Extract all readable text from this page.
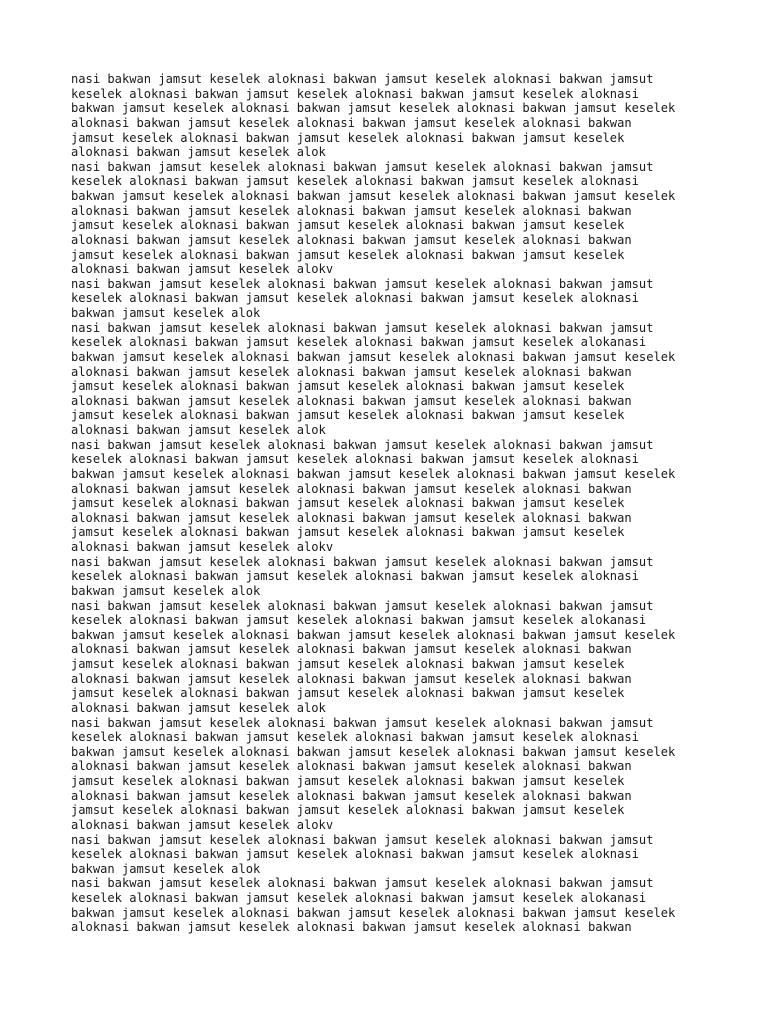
nasi bakwan jamsut keselek aloknasi bakwan jamsut keselek aloknasi bakwan jamsut
keselek aloknasi bakwan jamsut keselek aloknasi bakwan jamsut keselek aloknasi
bakwan jamsut keselek aloknasi bakwan jamsut keselek aloknasi bakwan jamsut keselek
aloknasi bakwan jamsut keselek aloknasi bakwan jamsut keselek aloknasi bakwan
jamsut keselek aloknasi bakwan jamsut keselek aloknasi bakwan jamsut keselek
aloknasi bakwan jamsut keselek alok
nasi bakwan jamsut keselek aloknasi bakwan jamsut keselek aloknasi bakwan jamsut
keselek aloknasi bakwan jamsut keselek aloknasi bakwan jamsut keselek aloknasi
bakwan jamsut keselek aloknasi bakwan jamsut keselek aloknasi bakwan jamsut keselek
aloknasi bakwan jamsut keselek aloknasi bakwan jamsut keselek aloknasi bakwan
jamsut keselek aloknasi bakwan jamsut keselek aloknasi bakwan jamsut keselek
aloknasi bakwan jamsut keselek aloknasi bakwan jamsut keselek aloknasi bakwan
jamsut keselek aloknasi bakwan jamsut keselek aloknasi bakwan jamsut keselek
aloknasi bakwan jamsut keselek alokv
nasi bakwan jamsut keselek aloknasi bakwan jamsut keselek aloknasi bakwan jamsut
keselek aloknasi bakwan jamsut keselek aloknasi bakwan jamsut keselek aloknasi
bakwan jamsut keselek alok
nasi bakwan jamsut keselek aloknasi bakwan jamsut keselek aloknasi bakwan jamsut
keselek aloknasi bakwan jamsut keselek aloknasi bakwan jamsut keselek alokanasi
bakwan jamsut keselek aloknasi bakwan jamsut keselek aloknasi bakwan jamsut keselek
aloknasi bakwan jamsut keselek aloknasi bakwan jamsut keselek aloknasi bakwan
jamsut keselek aloknasi bakwan jamsut keselek aloknasi bakwan jamsut keselek
aloknasi bakwan jamsut keselek aloknasi bakwan jamsut keselek aloknasi bakwan
jamsut keselek aloknasi bakwan jamsut keselek aloknasi bakwan jamsut keselek
aloknasi bakwan jamsut keselek alok
nasi bakwan jamsut keselek aloknasi bakwan jamsut keselek aloknasi bakwan jamsut
keselek aloknasi bakwan jamsut keselek aloknasi bakwan jamsut keselek aloknasi
bakwan jamsut keselek aloknasi bakwan jamsut keselek aloknasi bakwan jamsut keselek
aloknasi bakwan jamsut keselek aloknasi bakwan jamsut keselek aloknasi bakwan
jamsut keselek aloknasi bakwan jamsut keselek aloknasi bakwan jamsut keselek
aloknasi bakwan jamsut keselek aloknasi bakwan jamsut keselek aloknasi bakwan
jamsut keselek aloknasi bakwan jamsut keselek aloknasi bakwan jamsut keselek
aloknasi bakwan jamsut keselek alokv
nasi bakwan jamsut keselek aloknasi bakwan jamsut keselek aloknasi bakwan jamsut
keselek aloknasi bakwan jamsut keselek aloknasi bakwan jamsut keselek aloknasi
bakwan jamsut keselek alok
nasi bakwan jamsut keselek aloknasi bakwan jamsut keselek aloknasi bakwan jamsut
keselek aloknasi bakwan jamsut keselek aloknasi bakwan jamsut keselek alokanasi
bakwan jamsut keselek aloknasi bakwan jamsut keselek aloknasi bakwan jamsut keselek
aloknasi bakwan jamsut keselek aloknasi bakwan jamsut keselek aloknasi bakwan
jamsut keselek aloknasi bakwan jamsut keselek aloknasi bakwan jamsut keselek
aloknasi bakwan jamsut keselek aloknasi bakwan jamsut keselek aloknasi bakwan
jamsut keselek aloknasi bakwan jamsut keselek aloknasi bakwan jamsut keselek
aloknasi bakwan jamsut keselek alok
nasi bakwan jamsut keselek aloknasi bakwan jamsut keselek aloknasi bakwan jamsut
keselek aloknasi bakwan jamsut keselek aloknasi bakwan jamsut keselek aloknasi
bakwan jamsut keselek aloknasi bakwan jamsut keselek aloknasi bakwan jamsut keselek
aloknasi bakwan jamsut keselek aloknasi bakwan jamsut keselek aloknasi bakwan
jamsut keselek aloknasi bakwan jamsut keselek aloknasi bakwan jamsut keselek
aloknasi bakwan jamsut keselek aloknasi bakwan jamsut keselek aloknasi bakwan
jamsut keselek aloknasi bakwan jamsut keselek aloknasi bakwan jamsut keselek
aloknasi bakwan jamsut keselek alokv
nasi bakwan jamsut keselek aloknasi bakwan jamsut keselek aloknasi bakwan jamsut
keselek aloknasi bakwan jamsut keselek aloknasi bakwan jamsut keselek aloknasi
bakwan jamsut keselek alok
nasi bakwan jamsut keselek aloknasi bakwan jamsut keselek aloknasi bakwan jamsut
keselek aloknasi bakwan jamsut keselek aloknasi bakwan jamsut keselek alokanasi
bakwan jamsut keselek aloknasi bakwan jamsut keselek aloknasi bakwan jamsut keselek
aloknasi bakwan jamsut keselek aloknasi bakwan jamsut keselek aloknasi bakwan
